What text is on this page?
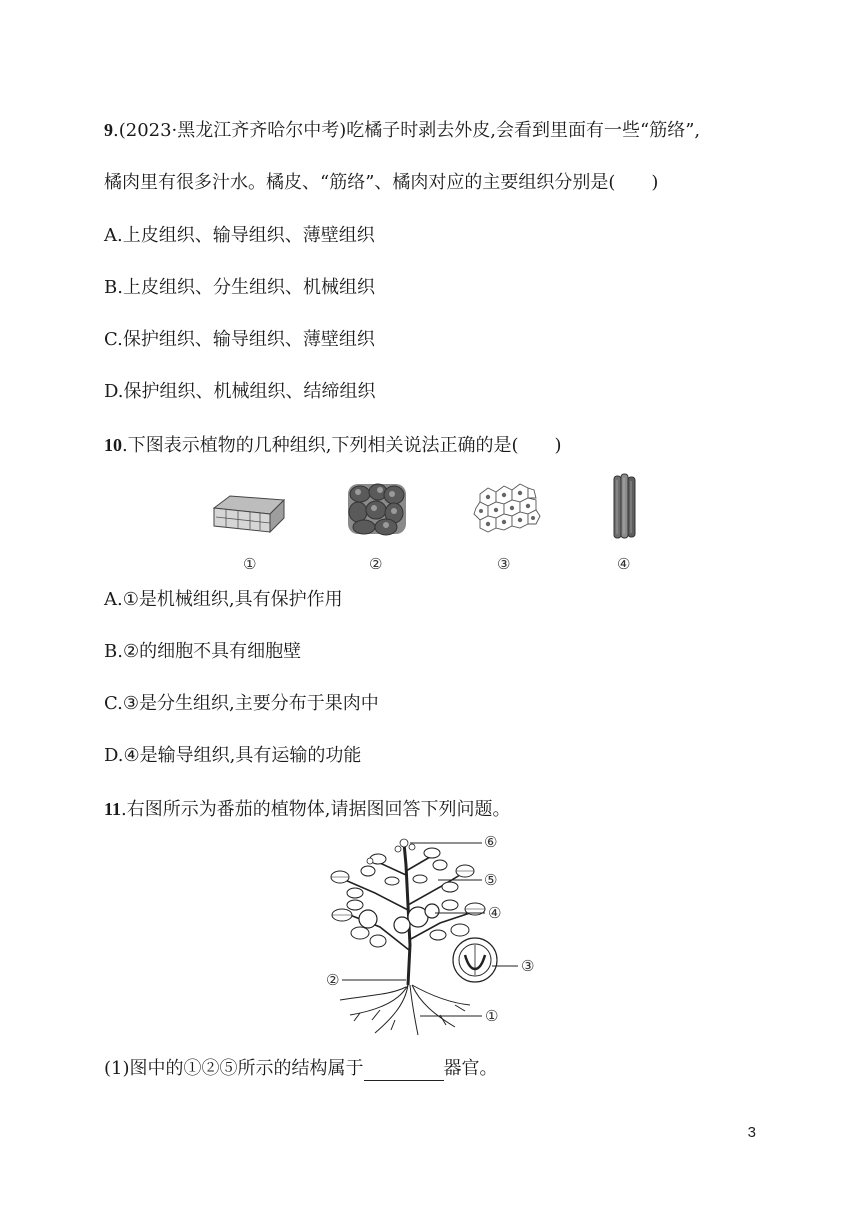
9.(2023·黑龙江齐齐哈尔中考)吃橘子时剥去外皮,会看到里面有一些“筋络”,
橘肉里有很多汁水。橘皮、“筋络”、橘肉对应的主要组织分别是(　　)
A.上皮组织、输导组织、薄壁组织
B.上皮组织、分生组织、机械组织
C.保护组织、输导组织、薄壁组织
D.保护组织、机械组织、结缔组织
10.下图表示植物的几种组织,下列相关说法正确的是(　　)
①	②	③	④
A.①是机械组织,具有保护作用
B.②的细胞不具有细胞壁
C.③是分生组织,主要分布于果肉中
D.④是输导组织,具有运输的功能
11.右图所示为番茄的植物体,请据图回答下列问题。
⑥
⑤
④
③
②
①
(1)图中的①②⑤所示的结构属于	器官。
3
